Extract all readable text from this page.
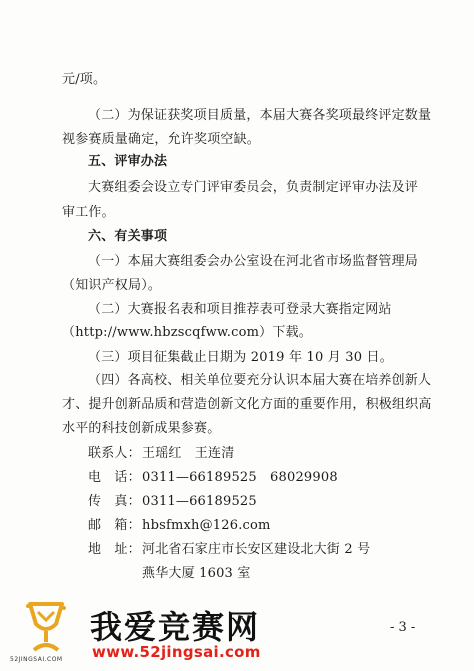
元/项。
（二）为保证获奖项目质量，本届大赛各奖项最终评定数量
视参赛质量确定，允许奖项空缺。
五、评审办法
大赛组委会设立专门评审委员会，负责制定评审办法及评
审工作。
六、有关事项
（一）本届大赛组委会办公室设在河北省市场监督管理局
（知识产权局）。
（二）大赛报名表和项目推荐表可登录大赛指定网站
（http://www.hbzscqfww.com）下载。
（三）项目征集截止日期为 2019 年 10 月 30 日。
（四）各高校、相关单位要充分认识本届大赛在培养创新人
才、提升创新品质和营造创新文化方面的重要作用，积极组织高
水平的科技创新成果参赛。
联系人：王瑶红　王连清
电　话：0311—66189525　68029908
传　真：0311—66189525
邮　箱：hbsfmxh@126.com
地　址：河北省石家庄市长安区建设北大街 2 号
燕华大厦 1603 室
52JINGSAI.COM
我爱竞赛网
www.52jingsai.com
- 3 -
